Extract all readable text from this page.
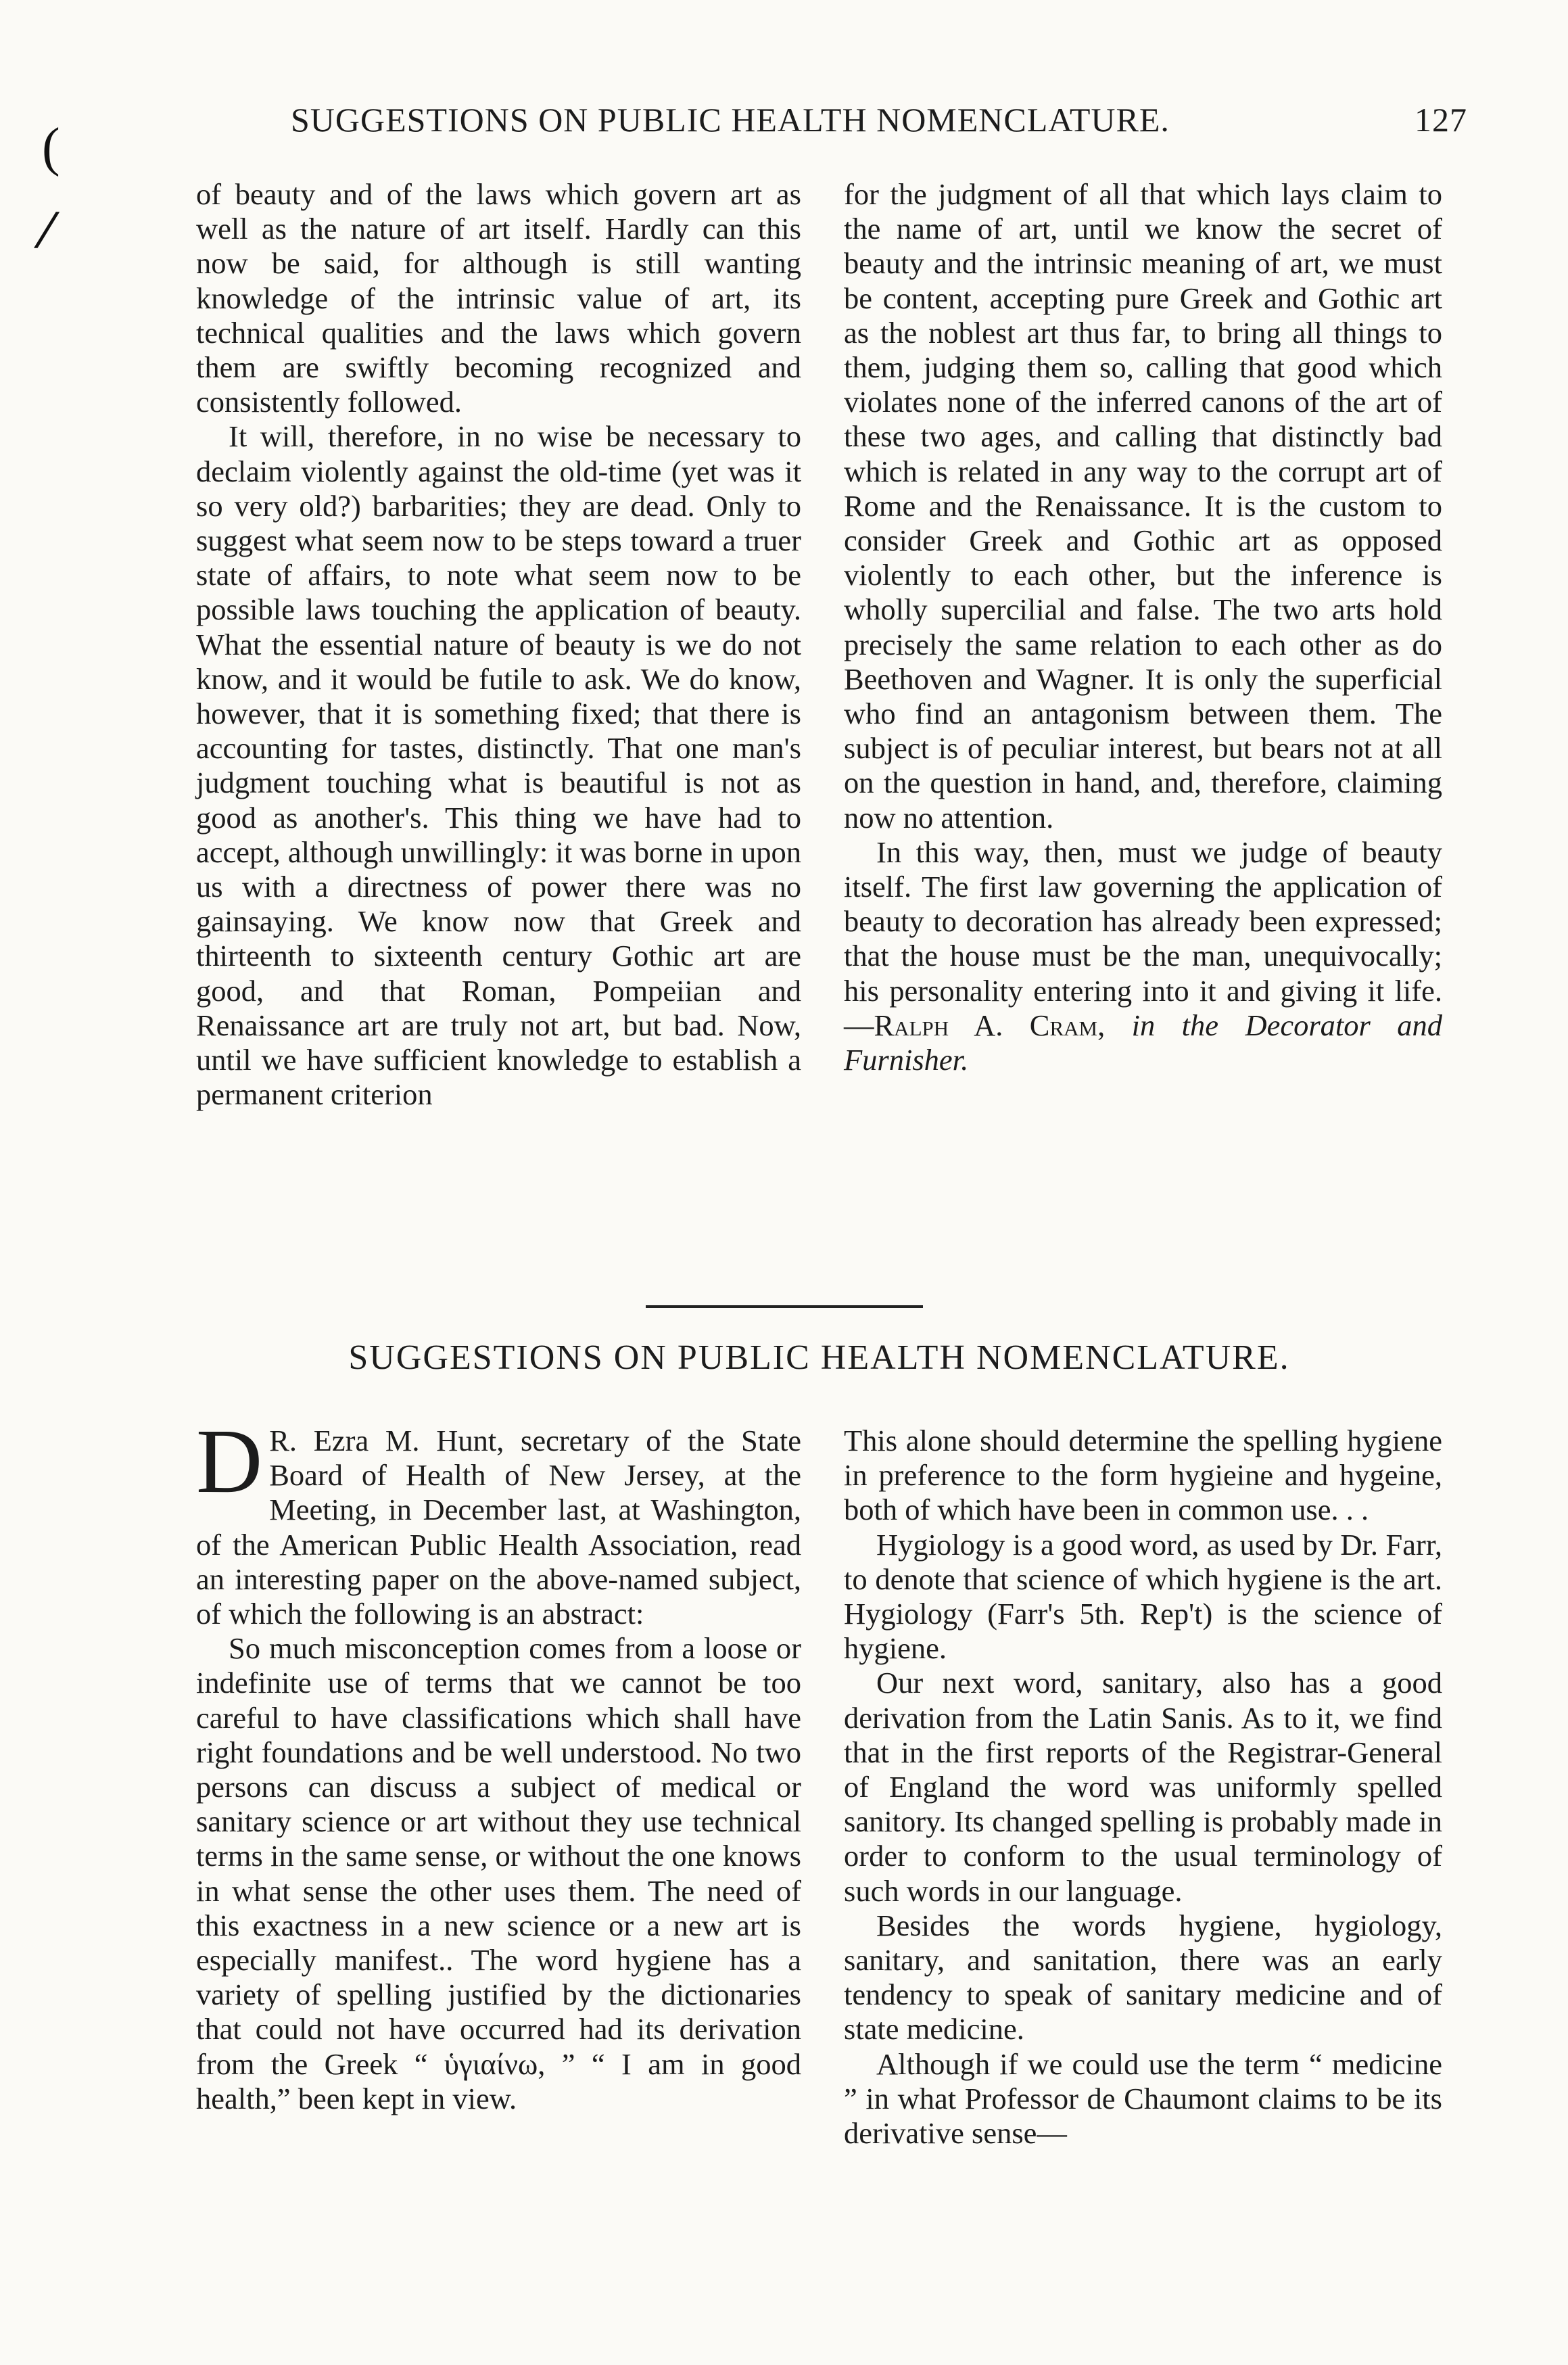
(
/
SUGGESTIONS ON PUBLIC HEALTH NOMENCLATURE.	127

of beauty and of the laws which govern art as well as the nature of art itself. Hardly can this now be said, for although is still wanting knowledge of the intrinsic value of art, its technical qualities and the laws which govern them are swiftly becoming recognized and consistently followed.

It will, therefore, in no wise be necessary to declaim violently against the old-time (yet was it so very old?) barbarities; they are dead. Only to suggest what seem now to be steps toward a truer state of affairs, to note what seem now to be possible laws touching the application of beauty. What the essential nature of beauty is we do not know, and it would be futile to ask. We do know, however, that it is something fixed; that there is accounting for tastes, distinctly. That one man's judgment touching what is beautiful is not as good as another's. This thing we have had to accept, although unwillingly: it was borne in upon us with a directness of power there was no gainsaying. We know now that Greek and thirteenth to sixteenth century Gothic art are good, and that Roman, Pompeiian and Renaissance art are truly not art, but bad. Now, until we have sufficient knowledge to establish a permanent criterion

for the judgment of all that which lays claim to the name of art, until we know the secret of beauty and the intrinsic meaning of art, we must be content, accepting pure Greek and Gothic art as the noblest art thus far, to bring all things to them, judging them so, calling that good which violates none of the inferred canons of the art of these two ages, and calling that distinctly bad which is related in any way to the corrupt art of Rome and the Renaissance. It is the custom to consider Greek and Gothic art as opposed violently to each other, but the inference is wholly supercilial and false. The two arts hold precisely the same relation to each other as do Beethoven and Wagner. It is only the superficial who find an antagonism between them. The subject is of peculiar interest, but bears not at all on the question in hand, and, therefore, claiming now no attention.

In this way, then, must we judge of beauty itself. The first law governing the application of beauty to decoration has already been expressed; that the house must be the man, unequivocally; his personality entering into it and giving it life.—Ralph A. Cram, in the Decorator and Furnisher.

SUGGESTIONS ON PUBLIC HEALTH NOMENCLATURE.

D R. Ezra M. Hunt, secretary of the State Board of Health of New Jersey, at the Meeting, in December last, at Washington, of the American Public Health Association, read an interesting paper on the above-named subject, of which the following is an abstract:

So much misconception comes from a loose or indefinite use of terms that we cannot be too careful to have classifications which shall have right foundations and be well understood. No two persons can discuss a subject of medical or sanitary science or art without they use technical terms in the same sense, or without the one knows in what sense the other uses them. The need of this exactness in a new science or a new art is especially manifest.. The word hygiene has a variety of spelling justified by the dictionaries that could not have occurred had its derivation from the Greek “ ὑγιαίνω, ” “ I am in good health,” been kept in view.

This alone should determine the spelling hygiene in preference to the form hygieine and hygeine, both of which have been in common use. . .

Hygiology is a good word, as used by Dr. Farr, to denote that science of which hygiene is the art. Hygiology (Farr's 5th. Rep't) is the science of hygiene.

Our next word, sanitary, also has a good derivation from the Latin Sanis. As to it, we find that in the first reports of the Registrar-General of England the word was uniformly spelled sanitory. Its changed spelling is probably made in order to conform to the usual terminology of such words in our language.

Besides the words hygiene, hygiology, sanitary, and sanitation, there was an early tendency to speak of sanitary medicine and of state medicine.

Although if we could use the term “ medicine ” in what Professor de Chaumont claims to be its derivative sense—
